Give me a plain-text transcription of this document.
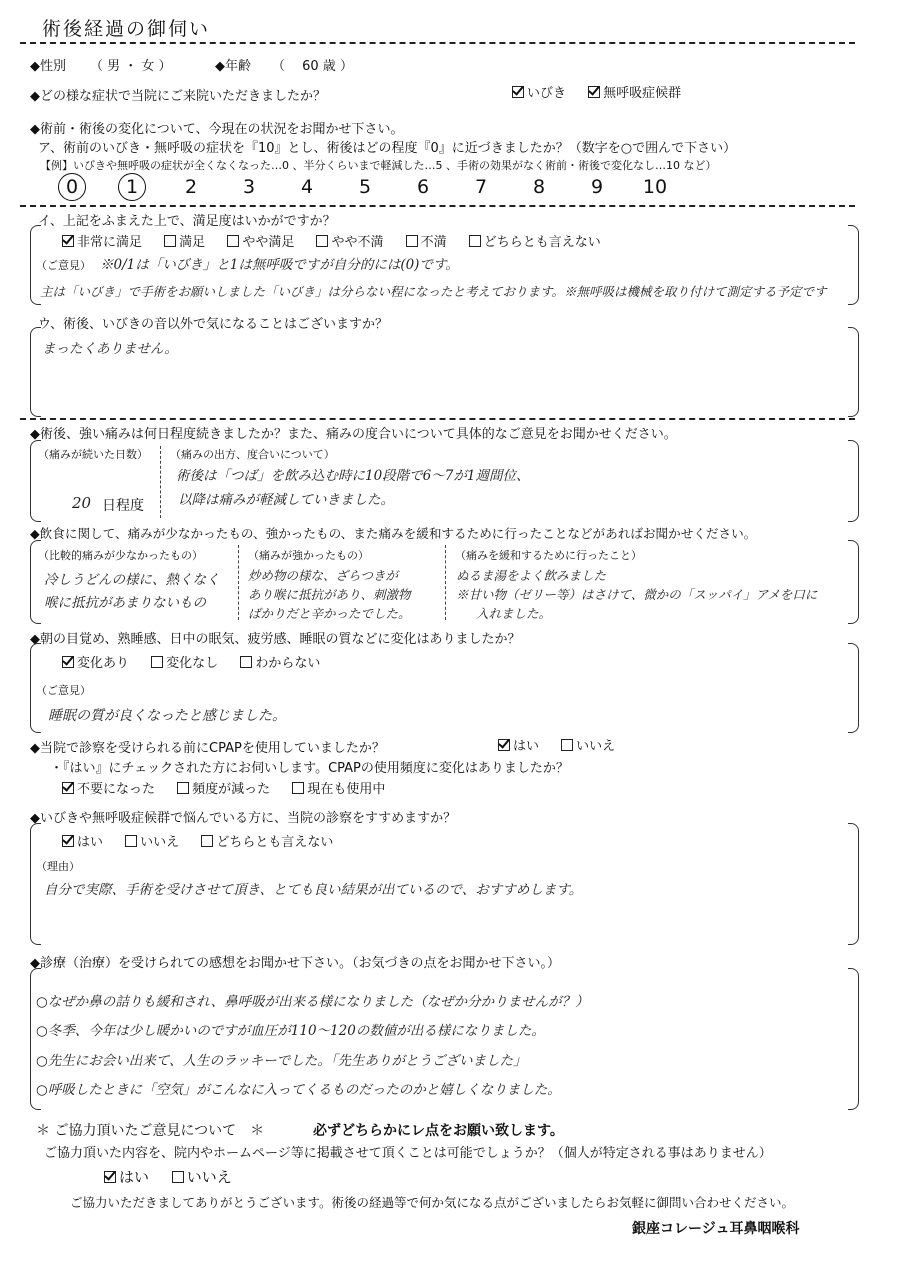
術後経過の御伺い
◆性別 （ 男 ・ 女 ）	◆年齢 （　 60 歳 ）
◆どの様な症状で当院にご来院いただきましたか？	いびき	無呼吸症候群
◆術前・術後の変化について、今現在の状況をお聞かせ下さい。
ア、術前のいびき・無呼吸の症状を『10』とし、術後はどの程度『0』に近づきましたか？（数字を○で囲んで下さい）
【例】いびきや無呼吸の症状が全くなくなった…0 、半分くらいまで軽減した…5 、手術の効果がなく術前・術後で変化なし…10 など）
0	1 2 3 4 5 6 7 8 9 10
イ、上記をふまえた上で、満足度はいかがですか？
非常に満足	満足	やや満足	やや不満	不満	どちらとも言えない
（ご意見） ※0/1は「いびき」と1は無呼吸ですが自分的には(0)です。
主は「いびき」で手術をお願いしました「いびき」は分らない程になったと考えております。※無呼吸は機械を取り付けて測定する予定です
ウ、術後、いびきの音以外で気になることはございますか？
まったくありません。
◆術後、強い痛みは何日程度続きましたか？また、痛みの度合いについて具体的なご意見をお聞かせください。
（痛みが続いた日数）
20 日程度
（痛みの出方、度合いについて）
術後は「つば」を飲み込む時に10段階で6〜7が1週間位、
以降は痛みが軽減していきました。
◆飲食に関して、痛みが少なかったもの、強かったもの、また痛みを緩和するために行ったことなどがあればお聞かせください。
（比較的痛みが少なかったもの）
冷しうどんの様に、熱くなく
喉に抵抗があまりないもの
（痛みが強かったもの）
炒め物の様な、ざらつきが
あり喉に抵抗があり、刺激物
ばかりだと辛かったでした。
（痛みを緩和するために行ったこと）
ぬるま湯をよく飲みました
※甘い物（ゼリー等）はさけて、微かの「スッパイ」アメを口に
入れました。
◆朝の目覚め、熟睡感、日中の眠気、疲労感、睡眠の質などに変化はありましたか？
変化あり	変化なし	わからない
（ご意見）
睡眠の質が良くなったと感じました。
◆当院で診察を受けられる前にCPAPを使用していましたか？	はい	いいえ
・『はい』にチェックされた方にお伺いします。CPAPの使用頻度に変化はありましたか？
不要になった	頻度が減った	現在も使用中
◆いびきや無呼吸症候群で悩んでいる方に、当院の診察をすすめますか？
はい	いいえ	どちらとも言えない
（理由）
自分で実際、手術を受けさせて頂き、とても良い結果が出ているので、おすすめします。
◆診療（治療）を受けられての感想をお聞かせ下さい。（お気づきの点をお聞かせ下さい。）
○なぜか鼻の詰りも緩和され、鼻呼吸が出来る様になりました（なぜか分かりませんが？）
○冬季、今年は少し暖かいのですが血圧が110〜120の数値が出る様になりました。
○先生にお会い出来て、人生のラッキーでした。「先生ありがとうございました」
○呼吸したときに「空気」がこんなに入ってくるものだったのかと嬉しくなりました。
＊ ご協力頂いたご意見について　＊	必ずどちらかにレ点をお願い致します。
ご協力頂いた内容を、院内やホームページ等に掲載させて頂くことは可能でしょうか？（個人が特定される事はありません）
はい	いいえ
ご協力いただきましてありがとうございます。術後の経過等で何か気になる点がございましたらお気軽に御問い合わせください。
銀座コレージュ耳鼻咽喉科
